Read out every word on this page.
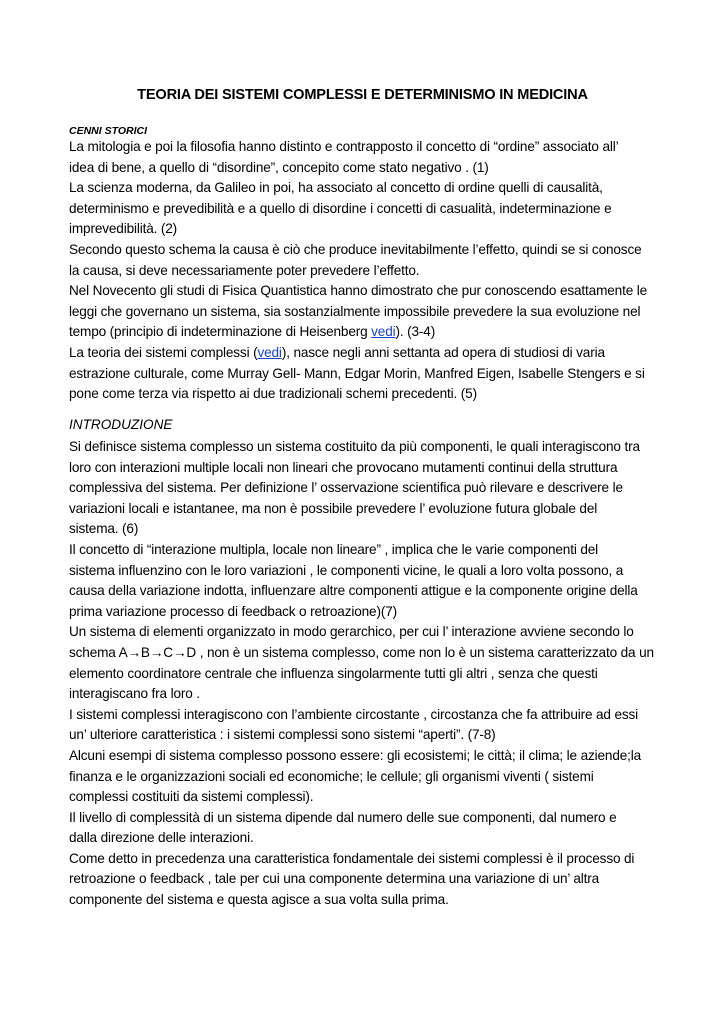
TEORIA DEI SISTEMI COMPLESSI E DETERMINISMO IN MEDICINA
CENNI STORICI
La mitologia e poi la filosofia hanno distinto e contrapposto il concetto di “ordine” associato all’
idea di bene, a quello di “disordine”, concepito come stato negativo . (1)
La scienza moderna, da Galileo in poi, ha associato al concetto di ordine quelli di causalità,
determinismo e prevedibilità e a quello di disordine i concetti di casualità, indeterminazione e
imprevedibilità. (2)
Secondo questo schema la causa è ciò che produce inevitabilmente l’effetto, quindi se si conosce
la causa, si deve necessariamente poter prevedere l’effetto.
Nel Novecento gli studi di Fisica Quantistica hanno dimostrato che pur conoscendo esattamente le
leggi che governano un sistema, sia sostanzialmente impossibile prevedere la sua evoluzione nel
tempo (principio di indeterminazione di Heisenberg vedi). (3-4)
La teoria dei sistemi complessi (vedi), nasce negli anni settanta ad opera di studiosi di varia
estrazione culturale, come Murray Gell- Mann, Edgar Morin, Manfred Eigen, Isabelle Stengers e si
pone come terza via rispetto ai due tradizionali schemi precedenti. (5)
INTRODUZIONE
Si definisce sistema complesso un sistema costituito da più componenti, le quali interagiscono tra
loro con interazioni multiple locali non lineari che provocano mutamenti continui della struttura
complessiva del sistema. Per definizione l’ osservazione scientifica può rilevare e descrivere le
variazioni locali e istantanee, ma non è possibile prevedere l’ evoluzione futura globale del
sistema. (6)
Il concetto di “interazione multipla, locale non lineare” , implica che le varie componenti del
sistema influenzino con le loro variazioni , le componenti vicine, le quali a loro volta possono, a
causa della variazione indotta, influenzare altre componenti attigue e la componente origine della
prima variazione processo di feedback o retroazione)(7)
Un sistema di elementi organizzato in modo gerarchico, per cui l’ interazione avviene secondo lo
schema A→B→C→D , non è un sistema complesso, come non lo è un sistema caratterizzato da un
elemento coordinatore centrale che influenza singolarmente tutti gli altri , senza che questi
interagiscano fra loro .
I sistemi complessi interagiscono con l’ambiente circostante , circostanza che fa attribuire ad essi
un’ ulteriore caratteristica : i sistemi complessi sono sistemi “aperti”. (7-8)
Alcuni esempi di sistema complesso possono essere: gli ecosistemi; le città; il clima; le aziende;la
finanza e le organizzazioni sociali ed economiche; le cellule; gli organismi viventi ( sistemi
complessi costituiti da sistemi complessi).
Il livello di complessità di un sistema dipende dal numero delle sue componenti, dal numero e
dalla direzione delle interazioni.
Come detto in precedenza una caratteristica fondamentale dei sistemi complessi è il processo di
retroazione o feedback , tale per cui una componente determina una variazione di un’ altra
componente del sistema e questa agisce a sua volta sulla prima.
